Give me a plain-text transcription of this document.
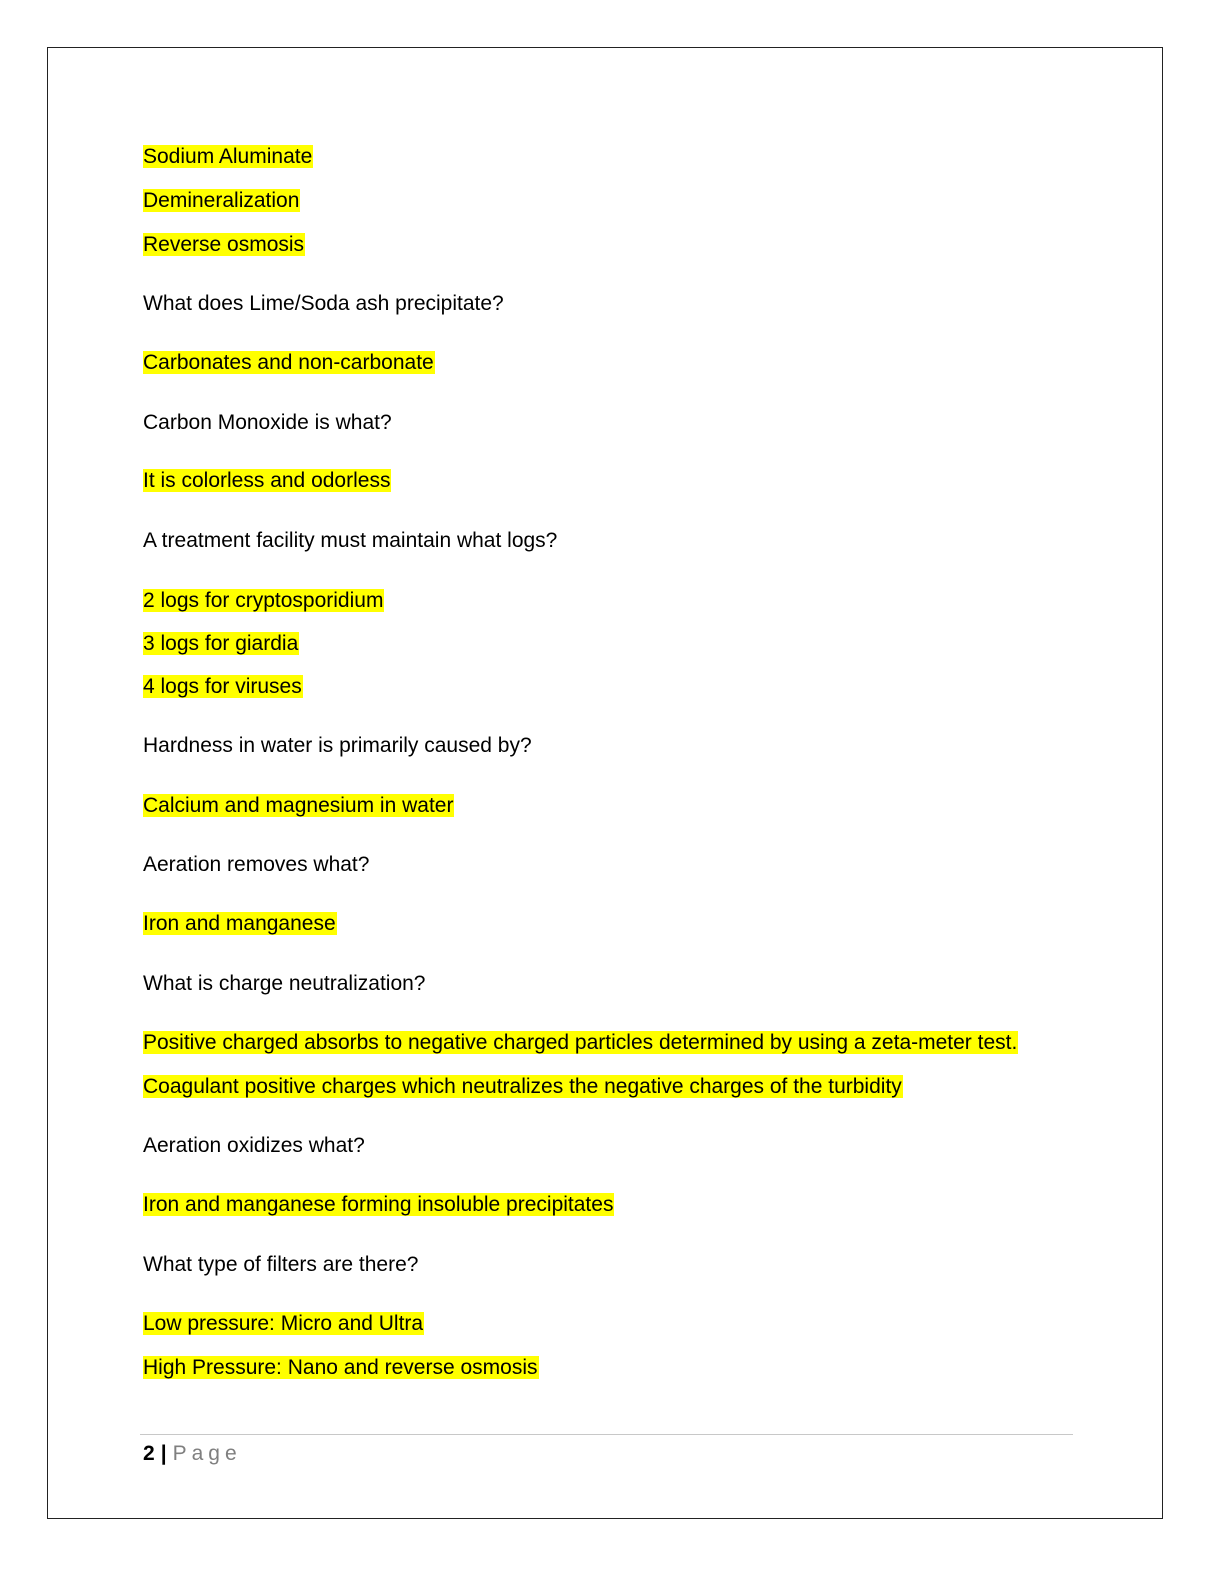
Sodium Aluminate
Demineralization
Reverse osmosis
What does Lime/Soda ash precipitate?
Carbonates and non-carbonate
Carbon Monoxide is what?
It is colorless and odorless
A treatment facility must maintain what logs?
2 logs for cryptosporidium
3 logs for giardia
4 logs for viruses
Hardness in water is primarily caused by?
Calcium and magnesium in water
Aeration removes what?
Iron and manganese
What is charge neutralization?
Positive charged absorbs to negative charged particles determined by using a zeta-meter test.
Coagulant positive charges which neutralizes the negative charges of the turbidity
Aeration oxidizes what?
Iron and manganese forming insoluble precipitates
What type of filters are there?
Low pressure: Micro and Ultra
High Pressure: Nano and reverse osmosis
2 | Page
